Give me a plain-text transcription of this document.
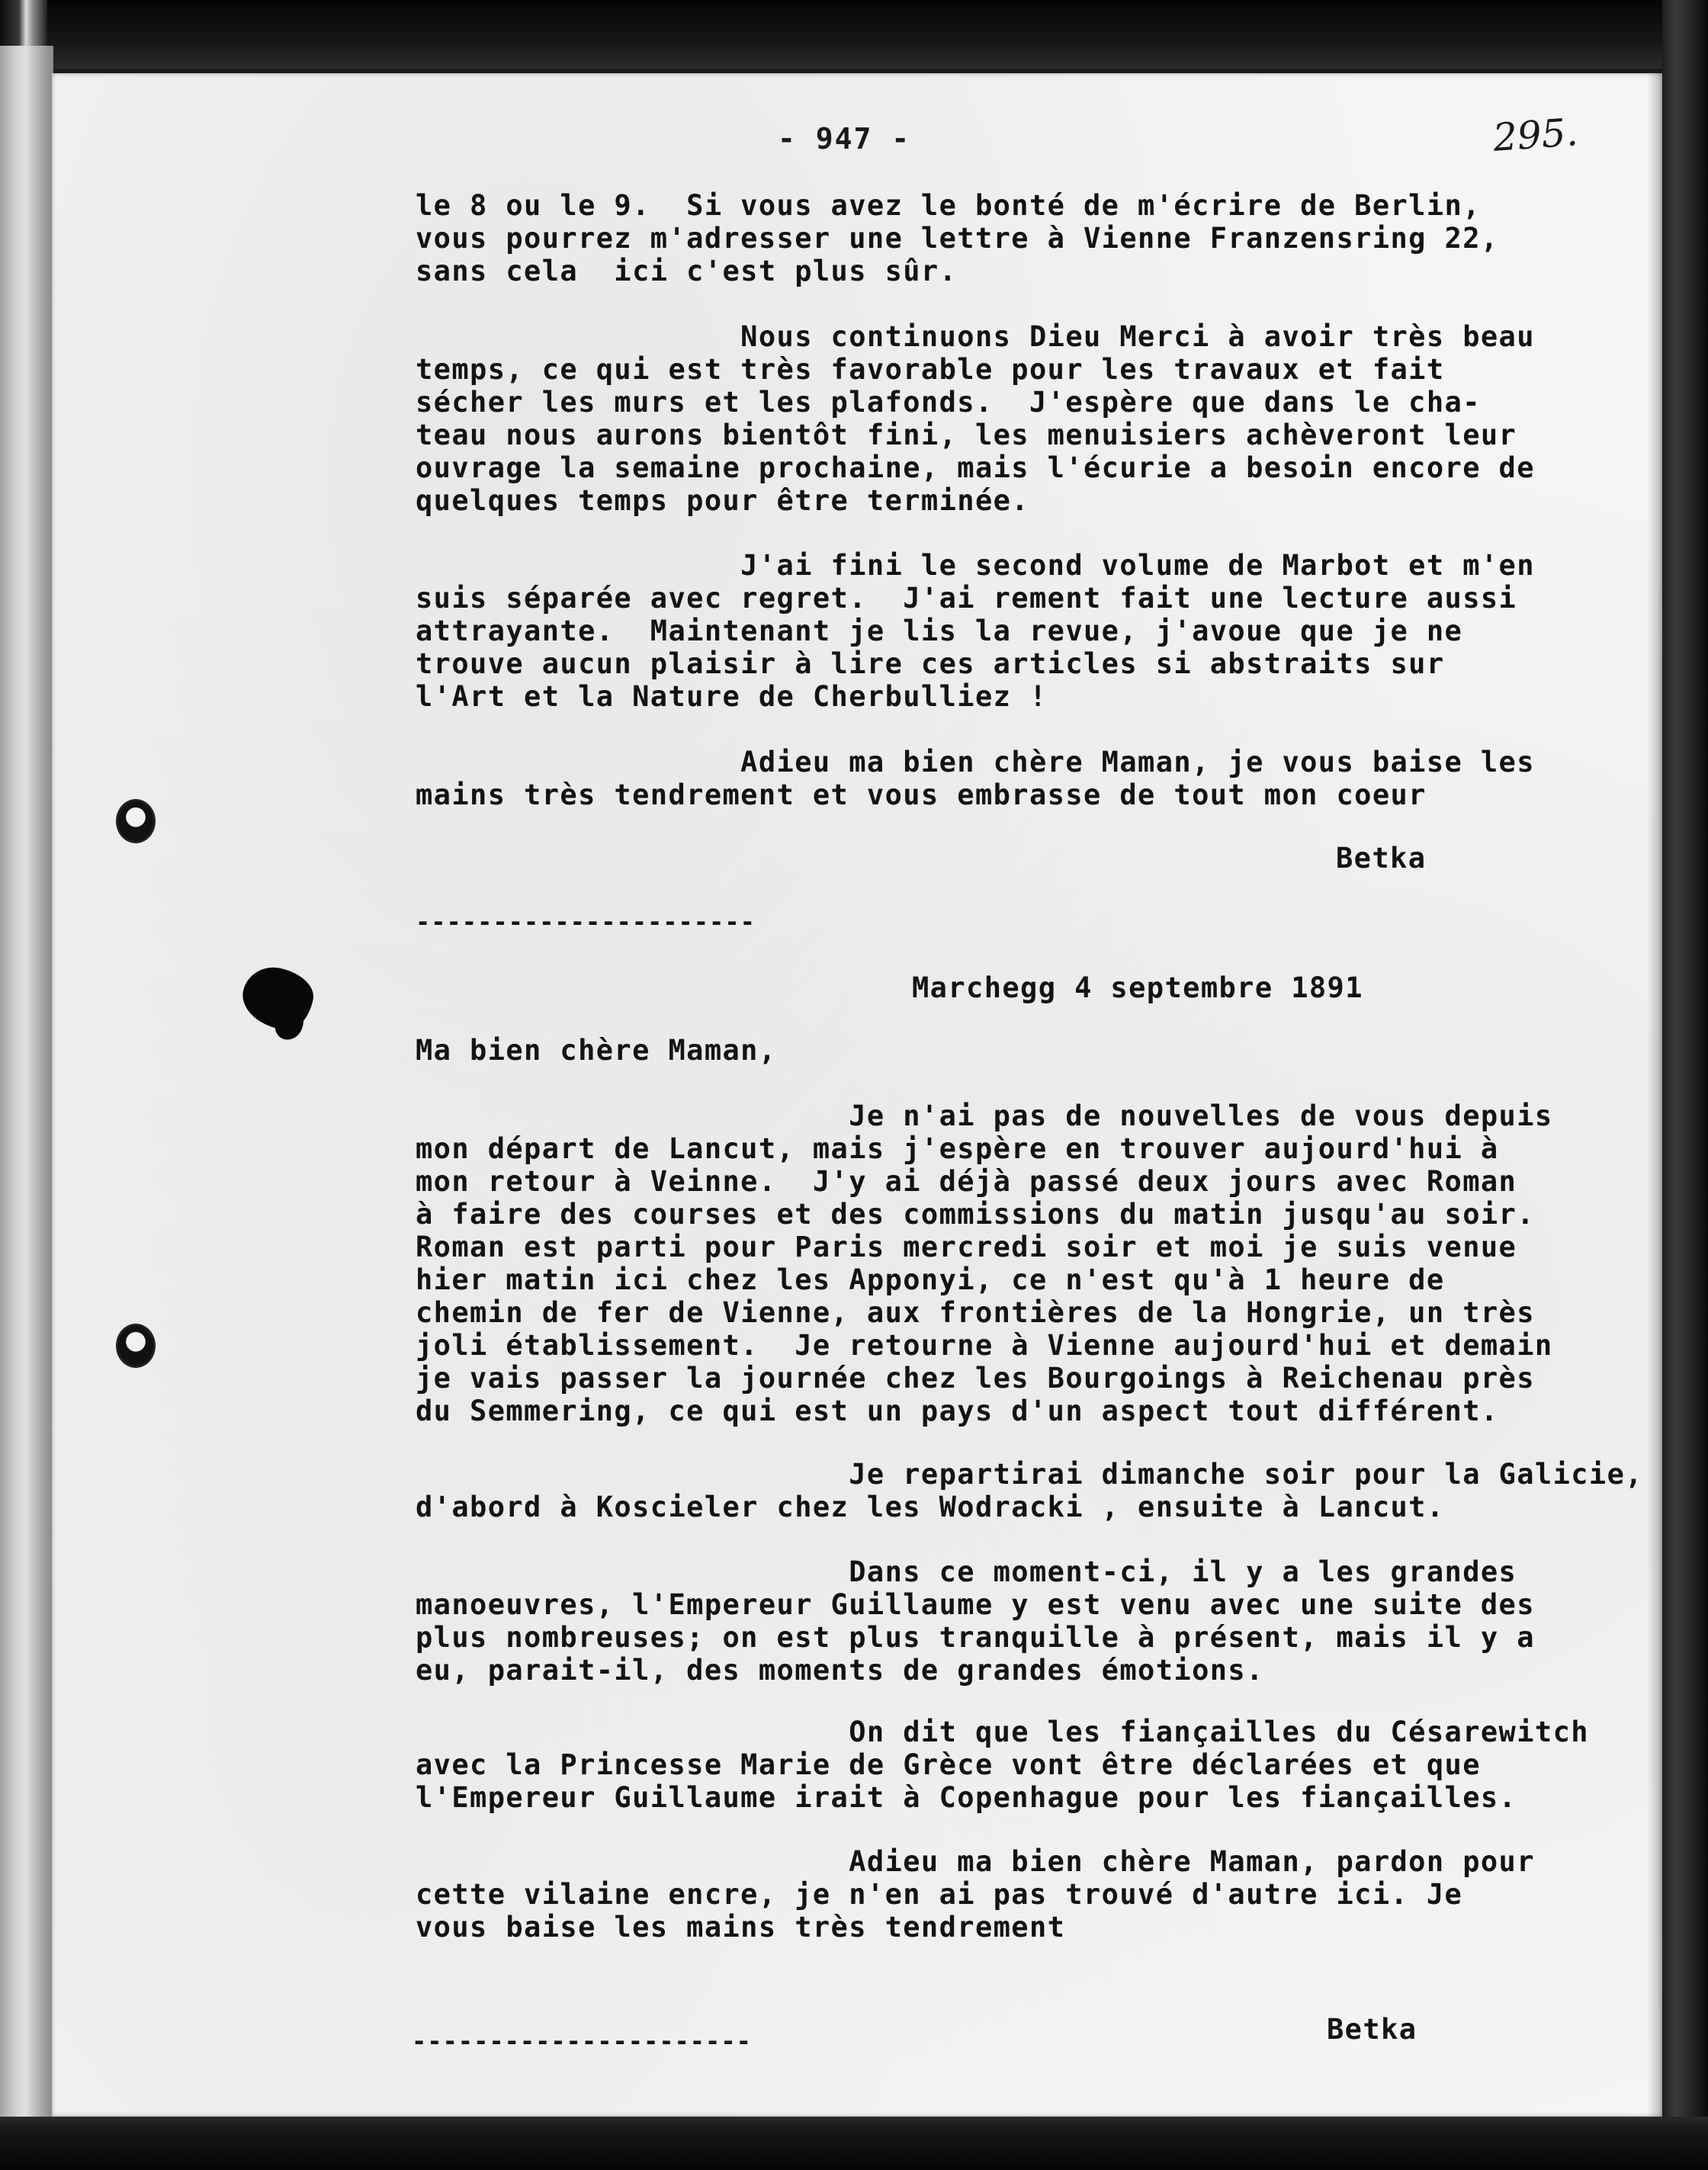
- 947 -	295.

le 8 ou le 9.  Si vous avez le bonté de m'écrire de Berlin,
vous pourrez m'adresser une lettre à Vienne Franzensring 22,
sans cela  ici c'est plus sûr.

Nous continuons Dieu Merci à avoir très beau
temps, ce qui est très favorable pour les travaux et fait
sécher les murs et les plafonds.  J'espère que dans le cha-
teau nous aurons bientôt fini, les menuisiers achèveront leur
ouvrage la semaine prochaine, mais l'écurie a besoin encore de
quelques temps pour être terminée.

J'ai fini le second volume de Marbot et m'en
suis séparée avec regret.  J'ai rement fait une lecture aussi
attrayante.  Maintenant je lis la revue, j'avoue que je ne
trouve aucun plaisir à lire ces articles si abstraits sur
l'Art et la Nature de Cherbulliez !

Adieu ma bien chère Maman, je vous baise les
mains très tendrement et vous embrasse de tout mon coeur

Betka
----------------------
Marchegg 4 septembre 1891
Ma bien chère Maman,

Je n'ai pas de nouvelles de vous depuis
mon départ de Lancut, mais j'espère en trouver aujourd'hui à
mon retour à Veinne.  J'y ai déjà passé deux jours avec Roman
à faire des courses et des commissions du matin jusqu'au soir.
Roman est parti pour Paris mercredi soir et moi je suis venue
hier matin ici chez les Apponyi, ce n'est qu'à 1 heure de
chemin de fer de Vienne, aux frontières de la Hongrie, un très
joli établissement.  Je retourne à Vienne aujourd'hui et demain
je vais passer la journée chez les Bourgoings à Reichenau près
du Semmering, ce qui est un pays d'un aspect tout différent.

Je repartirai dimanche soir pour la Galicie,
d'abord à Koscieler chez les Wodracki , ensuite à Lancut.

Dans ce moment-ci, il y a les grandes
manoeuvres, l'Empereur Guillaume y est venu avec une suite des
plus nombreuses; on est plus tranquille à présent, mais il y a
eu, parait-il, des moments de grandes émotions.

On dit que les fiançailles du Césarewitch
avec la Princesse Marie de Grèce vont être déclarées et que
l'Empereur Guillaume irait à Copenhague pour les fiançailles.

Adieu ma bien chère Maman, pardon pour
cette vilaine encre, je n'en ai pas trouvé d'autre ici. Je
vous baise les mains très tendrement

----------------------	Betka
